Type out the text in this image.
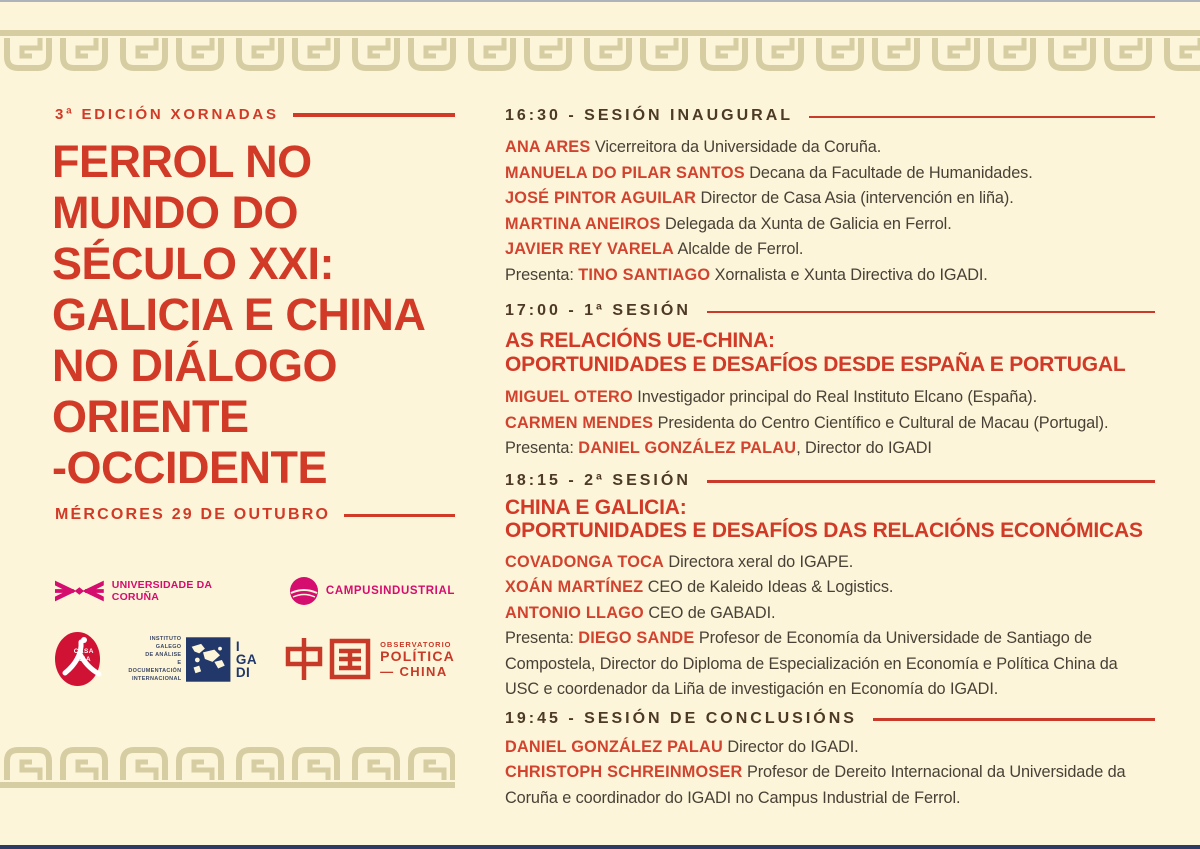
3ª EDICIÓN XORNADAS
FERROL NO
MUNDO DO
SÉCULO XXI:
GALICIA E CHINA
NO DIÁLOGO
ORIENTE
-OCCIDENTE
MÉRCORES 29 DE OUTUBRO
UNIVERSIDADE DA CORUÑA	CAMPUSINDUSTRIAL
CASA
ASIA
INSTITUTO
GALEGO
DE ANÁLISE
E DOCUMENTACIÓN
INTERNACIONAL
I
GA
DI
OBSERVATORIO
POLÍTICA
— CHINA
16:30 - SESIÓN INAUGURAL

ANA ARES Vicerreitora da Universidade da Coruña.

MANUELA DO PILAR SANTOS Decana da Facultade de Humanidades.

JOSÉ PINTOR AGUILAR Director de Casa Asia (intervención en liña).

MARTINA ANEIROS Delegada da Xunta de Galicia en Ferrol.

JAVIER REY VARELA Alcalde de Ferrol.

Presenta: TINO SANTIAGO Xornalista e Xunta Directiva do IGADI.

17:00 - 1ª SESIÓN
AS RELACIÓNS UE-CHINA:
OPORTUNIDADES E DESAFÍOS DESDE ESPAÑA E PORTUGAL

MIGUEL OTERO Investigador principal do Real Instituto Elcano (España).

CARMEN MENDES Presidenta do Centro Científico e Cultural de Macau (Portugal).

Presenta: DANIEL GONZÁLEZ PALAU, Director do IGADI

18:15 - 2ª SESIÓN
CHINA E GALICIA:
OPORTUNIDADES E DESAFÍOS DAS RELACIÓNS ECONÓMICAS

COVADONGA TOCA Directora xeral do IGAPE.

XOÁN MARTÍNEZ CEO de Kaleido Ideas & Logistics.

ANTONIO LLAGO CEO de GABADI.

Presenta: DIEGO SANDE Profesor de Economía da Universidade de Santiago de Compostela, Director do Diploma de Especialización en Economía e Política China da USC e coordenador da Liña de investigación en Economía do IGADI.

19:45 - SESIÓN DE CONCLUSIÓNS

DANIEL GONZÁLEZ PALAU Director do IGADI.

CHRISTOPH SCHREINMOSER Profesor de Dereito Internacional da Universidade da Coruña e coordinador do IGADI no Campus Industrial de Ferrol.
